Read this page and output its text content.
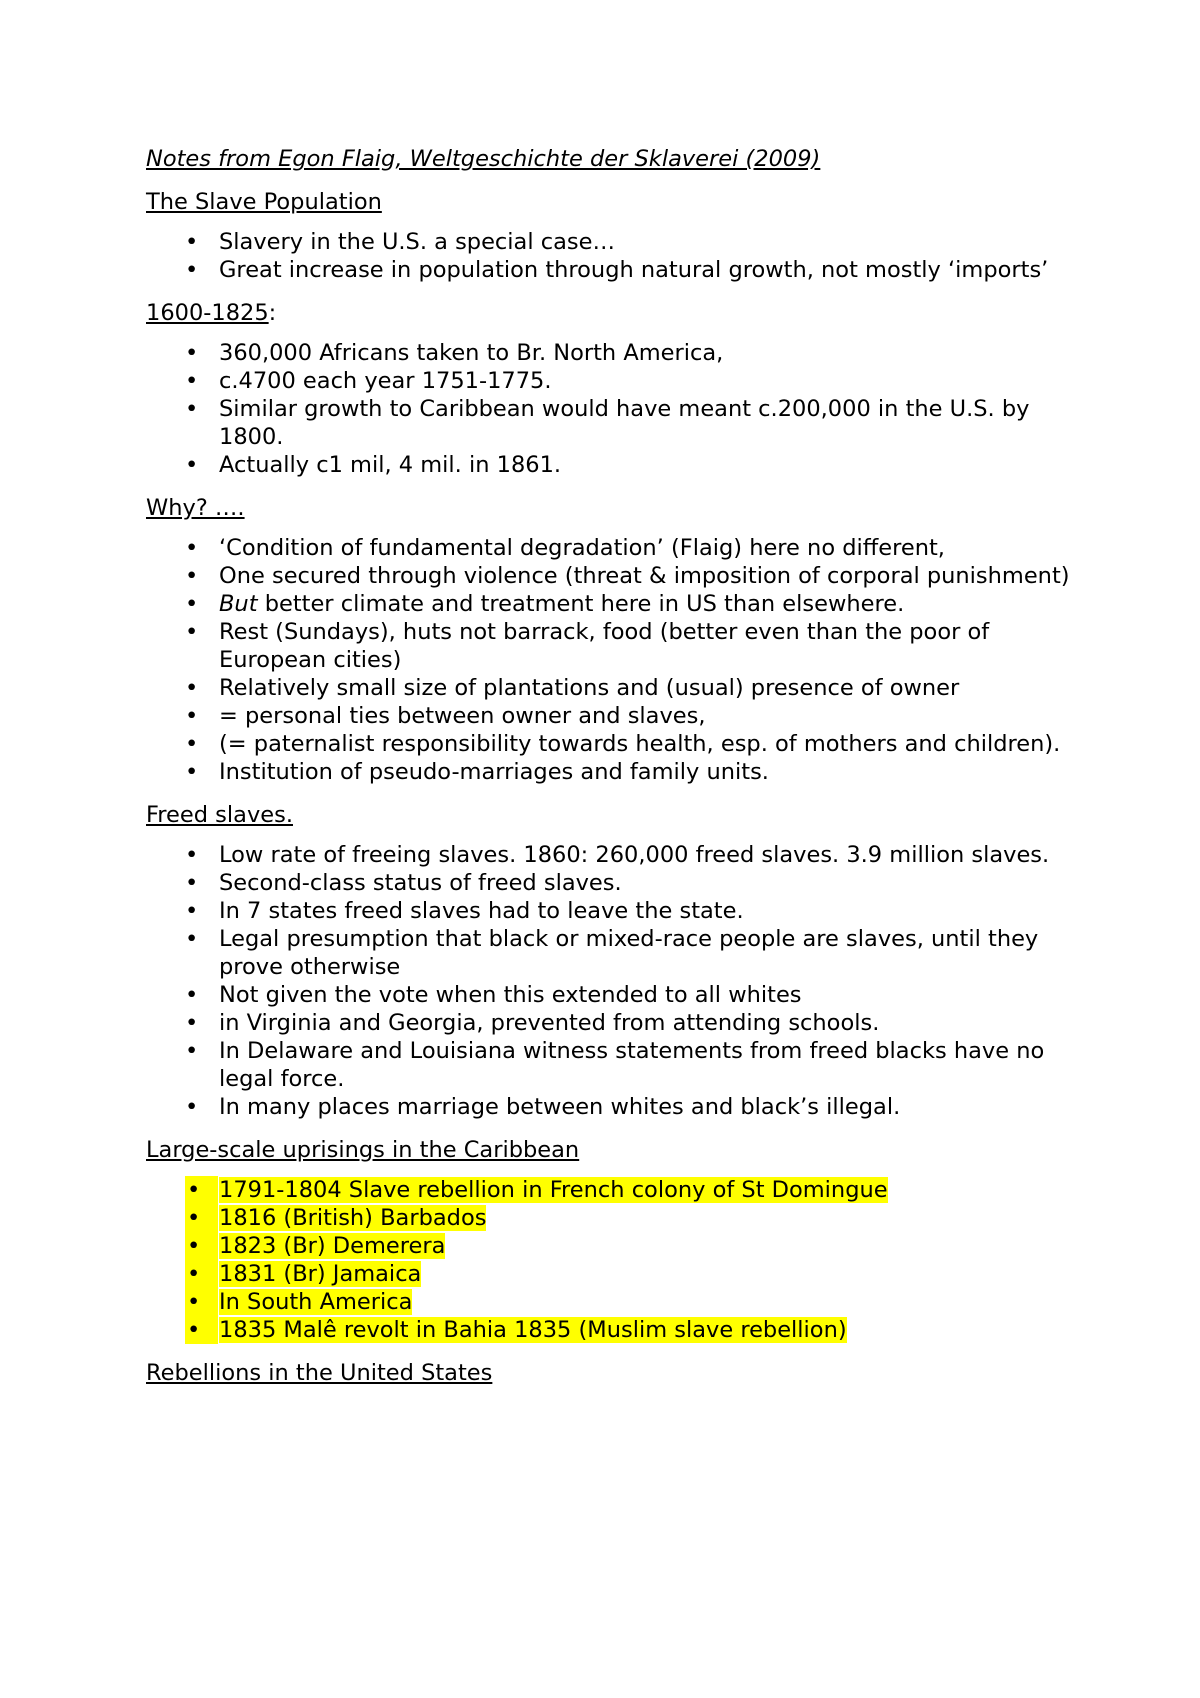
Notes from Egon Flaig, Weltgeschichte der Sklaverei (2009)
The Slave Population
• Slavery in the U.S. a special case…
• Great increase in population through natural growth, not mostly ‘imports’
1600-1825:
• 360,000 Africans taken to Br. North America,
• c.4700 each year 1751-1775.
• Similar growth to Caribbean would have meant c.200,000 in the U.S. by 1800.
• Actually c1 mil, 4 mil. in 1861.
Why? ….
• ‘Condition of fundamental degradation’ (Flaig) here no different,
• One secured through violence (threat & imposition of corporal punishment)
• But better climate and treatment here in US than elsewhere.
• Rest (Sundays), huts not barrack, food (better even than the poor of European cities)
• Relatively small size of plantations and (usual) presence of owner
• = personal ties between owner and slaves,
• (= paternalist responsibility towards health, esp. of mothers and children).
• Institution of pseudo-marriages and family units.
Freed slaves.
• Low rate of freeing slaves. 1860: 260,000 freed slaves. 3.9 million slaves.
• Second-class status of freed slaves.
• In 7 states freed slaves had to leave the state.
• Legal presumption that black or mixed-race people are slaves, until they prove otherwise
• Not given the vote when this extended to all whites
• in Virginia and Georgia, prevented from attending schools.
• In Delaware and Louisiana witness statements from freed blacks have no legal force.
• In many places marriage between whites and black’s illegal.
Large-scale uprisings in the Caribbean
• 1791-1804 Slave rebellion in French colony of St Domingue
• 1816 (British) Barbados
• 1823 (Br) Demerera
• 1831 (Br) Jamaica
• In South America
• 1835 Malê revolt in Bahia 1835 (Muslim slave rebellion)
Rebellions in the United States
